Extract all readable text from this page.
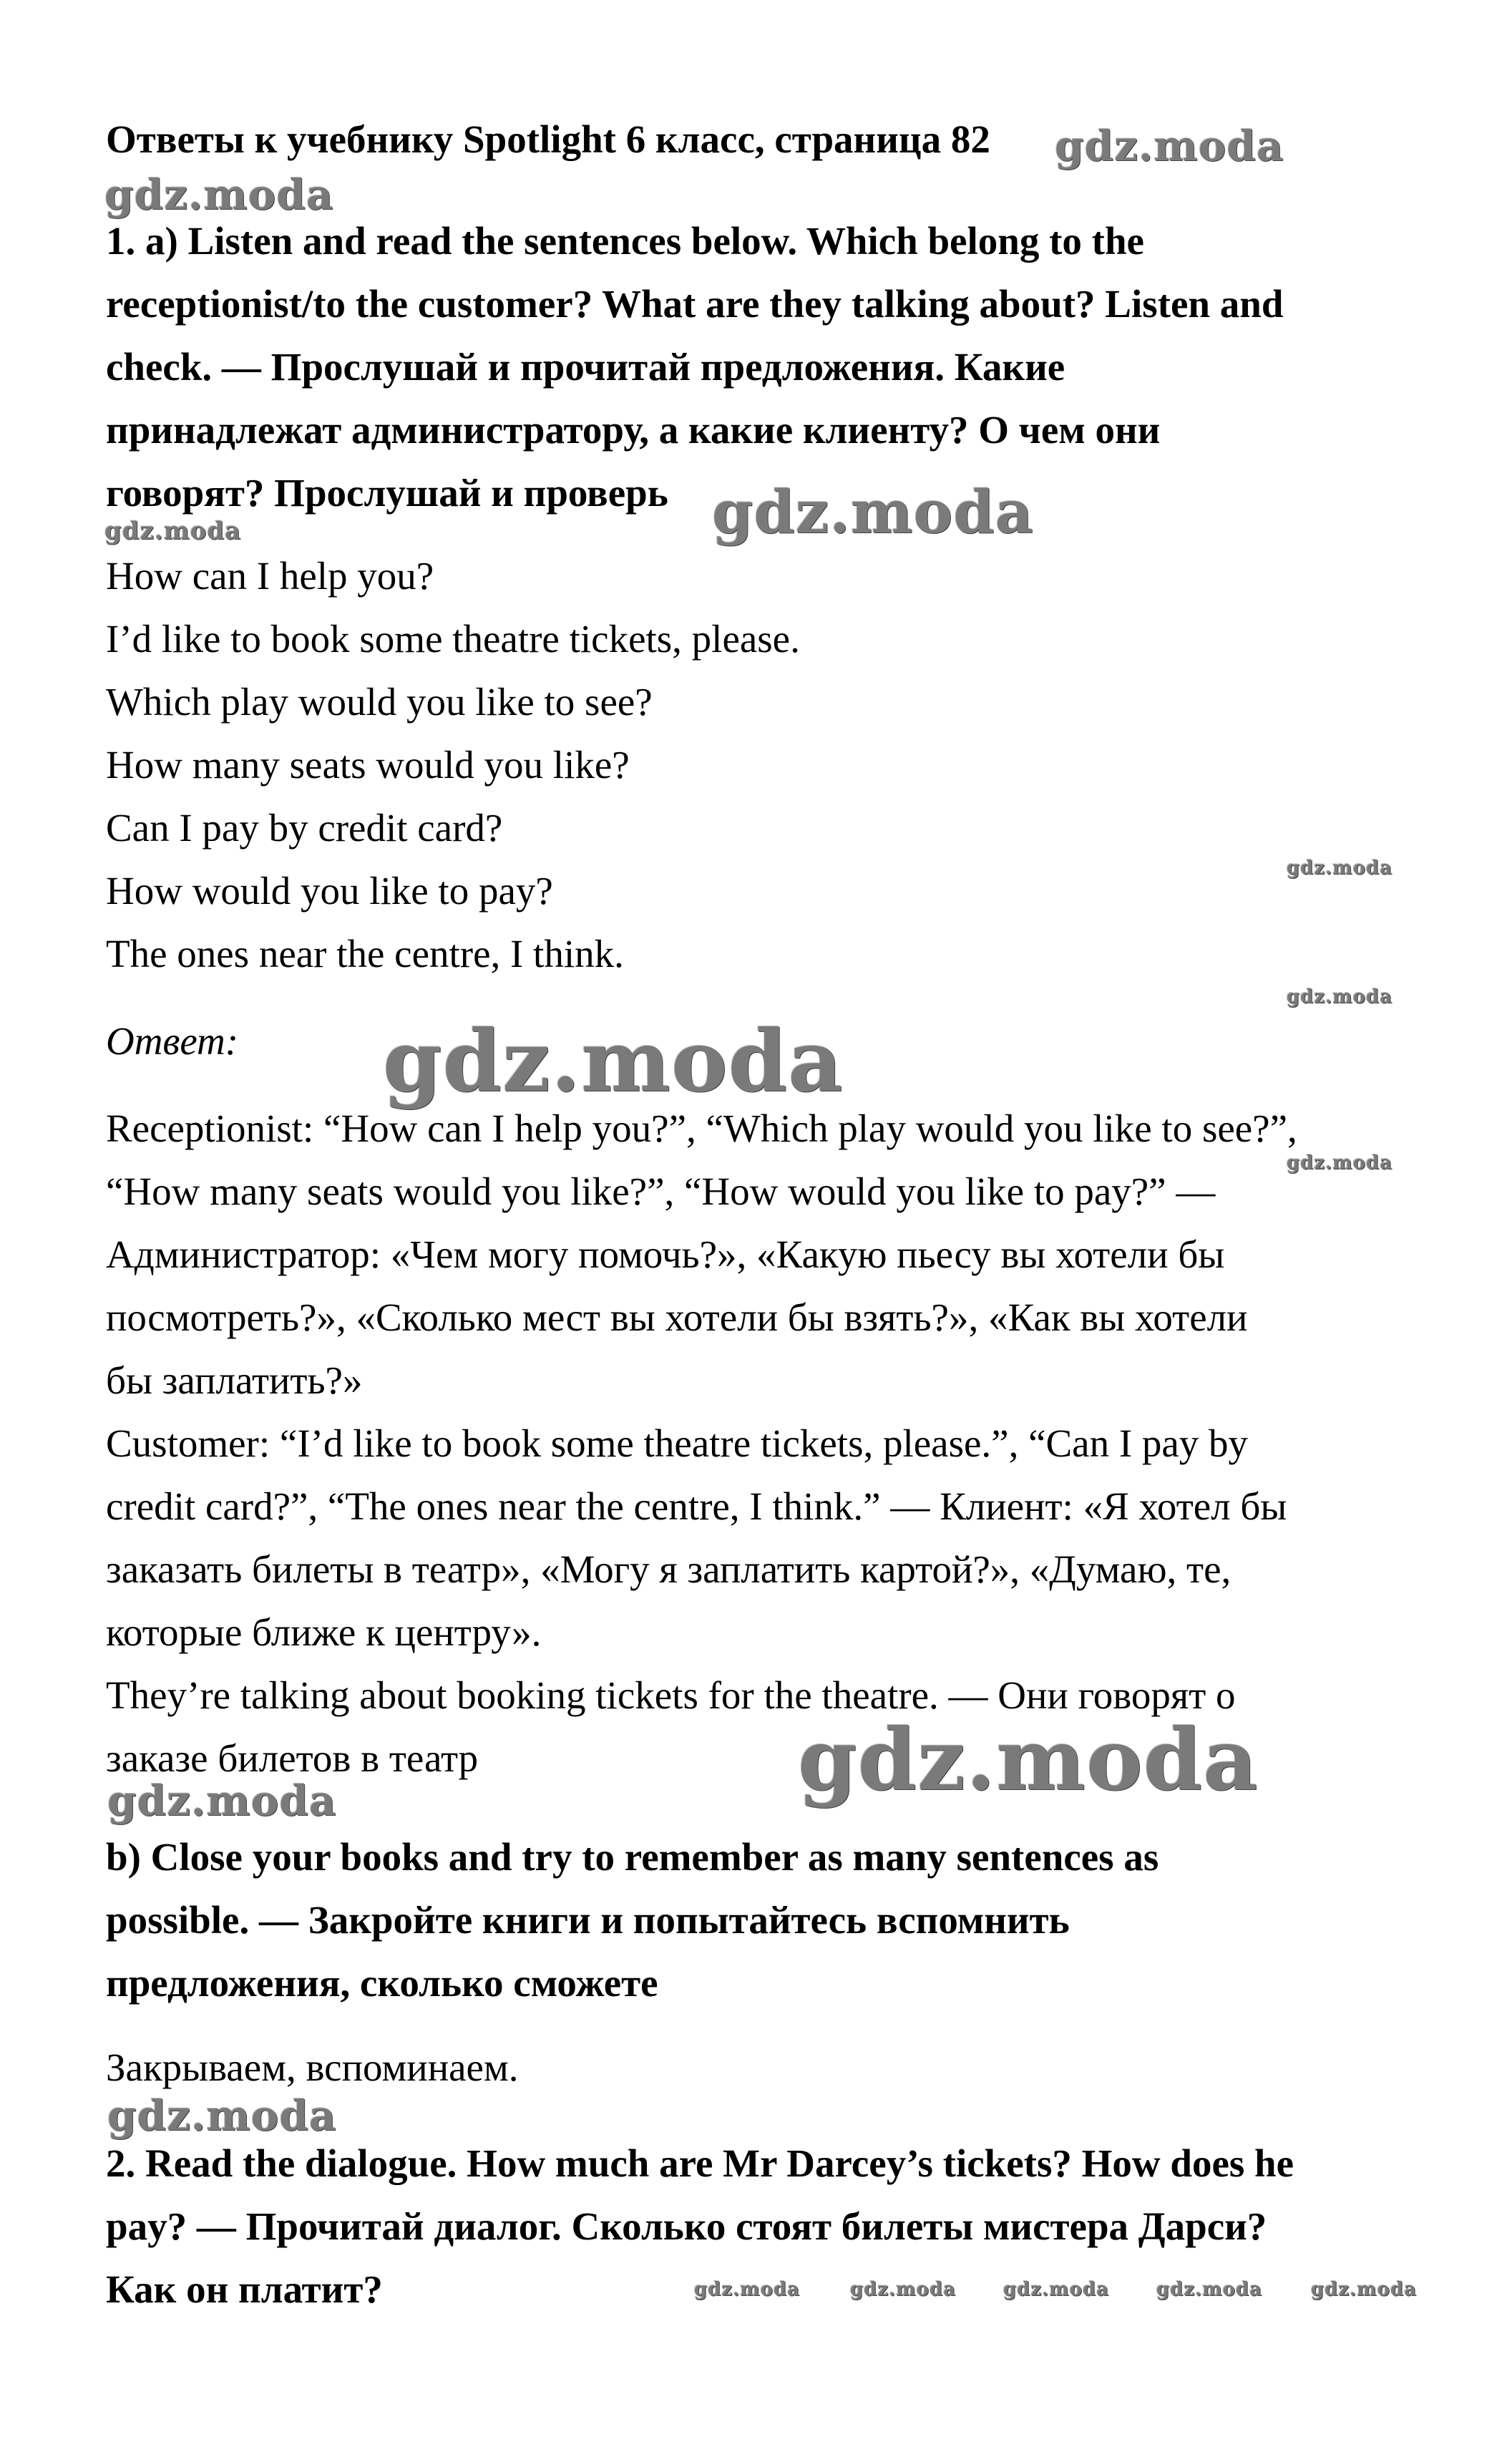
Ответы к учебнику Spotlight 6 класс, страница 82

1. a) Listen and read the sentences below. Which belong to the

receptionist/to the customer? What are they talking about? Listen and

check. — Прослушай и прочитай предложения. Какие

принадлежат администратору, а какие клиенту? О чем они

говорят? Прослушай и проверь

How can I help you?

I’d like to book some theatre tickets, please.

Which play would you like to see?

How many seats would you like?

Can I pay by credit card?

How would you like to pay?

The ones near the centre, I think.

Ответ:

Receptionist: “How can I help you?”, “Which play would you like to see?”,

“How many seats would you like?”, “How would you like to pay?” —

Администратор: «Чем могу помочь?», «Какую пьесу вы хотели бы

посмотреть?», «Сколько мест вы хотели бы взять?», «Как вы хотели

бы заплатить?»

Customer: “I’d like to book some theatre tickets, please.”, “Can I pay by

credit card?”, “The ones near the centre, I think.” — Клиент: «Я хотел бы

заказать билеты в театр», «Могу я заплатить картой?», «Думаю, те,

которые ближе к центру».

They’re talking about booking tickets for the theatre. — Они говорят о

заказе билетов в театр

b) Close your books and try to remember as many sentences as

possible. — Закройте книги и попытайтесь вспомнить

предложения, сколько сможете

Закрываем, вспоминаем.

2. Read the dialogue. How much are Mr Darcey’s tickets? How does he

pay? — Прочитай диалог. Сколько стоят билеты мистера Дарси?

Как он платит?

gdz.moda
gdz.moda
gdz.moda
gdz.moda
gdz.moda
gdz.moda
gdz.moda
gdz.moda
gdz.moda
gdz.moda
gdz.moda
gdz.moda	gdz.moda	gdz.moda	gdz.moda	gdz.moda
